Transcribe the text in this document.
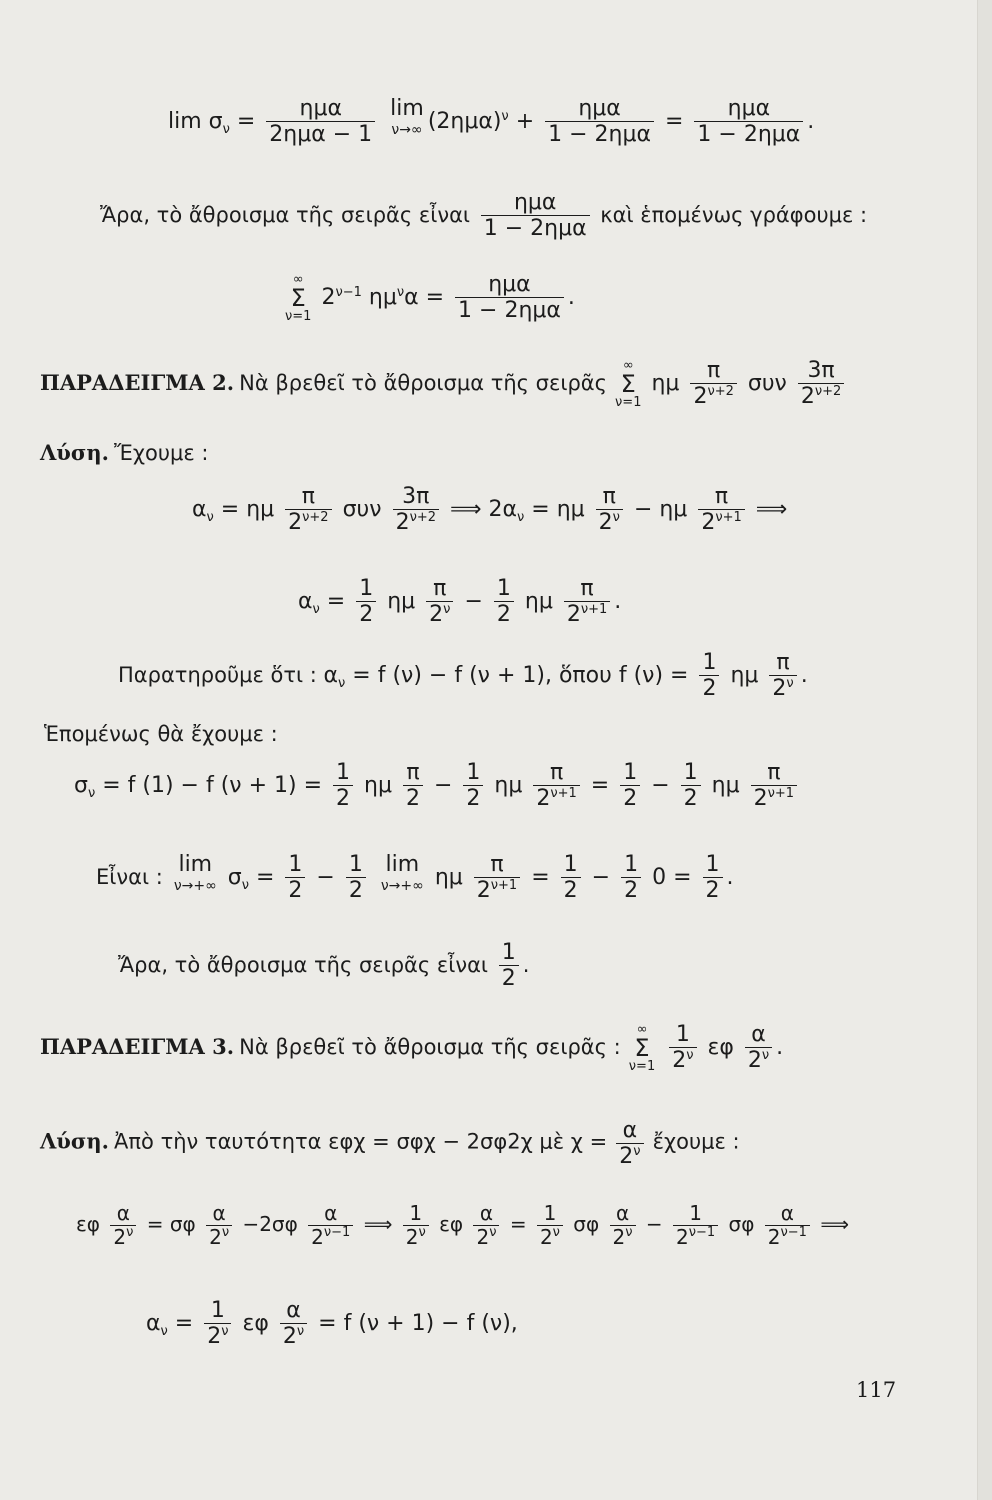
$\lim \sigma_\nu = \frac{\text{ημα}}{\text{2ημα − 1}}$
lim
ν→∞ $(2\eta\mu\alpha)^\nu + \frac{\text{ημα}}{\text{1 − 2ημα}} = \frac{\text{ημα}}{\text{1 − 2ημα}}$ .
Ἄρα, τὸ ἄθροισμα τῆς σειρᾶς εἶναι $\frac{\text{ημα}}{\text{1 − 2ημα}}$ καὶ ἑπομένως γράφουμε :
∞
Σ
ν=1
$2^{\nu-1}$ $\eta\mu^\nu\alpha = \frac{\text{ημα}}{\text{1 − 2ημα}}$ .
ΠΑΡΑΔΕΙΓΜΑ 2. Νὰ βρεθεῖ τὸ ἄθροισμα τῆς σειρᾶς
∞
Σ
ν=1
ημ $\frac{\pi}{2^{\nu+2}}$ συν $\frac{3\pi}{2^{\nu+2}}$
Λύση. Ἔχουμε :
$\alpha_\nu = \eta\mu \frac{\pi}{2^{\nu+2}}$ συν $\frac{3\pi}{2^{\nu+2}}$ ⟹ $2\alpha_\nu = \eta\mu \frac{\pi}{2^\nu} - \eta\mu \frac{\pi}{2^{\nu+1}}$ ⟹
$\alpha_\nu = \frac{1}{2}$ ημ $\frac{\pi}{2^\nu} - \frac{1}{2}$ ημ $\frac{\pi}{2^{\nu+1}}$ .
Παρατηροῦμε ὅτι : $\alpha_\nu = f$ (ν) − f (ν + 1), ὅπου f $(\nu) = \frac{1}{2}$ ημ $\frac{\pi}{2^\nu}$ .
Ἑπομένως θὰ ἔχουμε :
$\sigma_\nu = f$ (1) − f $(\nu + 1) = \frac{1}{2}$ ημ $\frac{\pi}{2} - \frac{1}{2}$ ημ $\frac{\pi}{2^{\nu+1}} = \frac{1}{2} - \frac{1}{2}$ ημ $\frac{\pi}{2^{\nu+1}}$
Εἶναι : lim
ν→+∞ $\sigma_\nu = \frac{1}{2} - \frac{1}{2}$
lim
ν→+∞ ημ $\frac{\pi}{2^{\nu+1}} = \frac{1}{2} - \frac{1}{2} 0 = \frac{1}{2}$ .
Ἄρα, τὸ ἄθροισμα τῆς σειρᾶς εἶναι $\frac{1}{2}$ .
ΠΑΡΑΔΕΙΓΜΑ 3. Νὰ βρεθεῖ τὸ ἄθροισμα τῆς σειρᾶς :
∞
Σ
ν=1
$\frac{1}{2^\nu}$ εφ $\frac{\alpha}{2^\nu}$ .
Λύση. Ἀπὸ τὴν ταυτότητα εφχ = σφχ − 2σφ2χ μὲ $\chi = \frac{\alpha}{2^\nu}$ ἔχουμε :
εφ $\frac{\alpha}{2^\nu} = \sigma\varphi \frac{\alpha}{2^\nu} -2\sigma\varphi \frac{\alpha}{2^{\nu-1}}$ ⟹ $\frac{1}{2^\nu}$ εφ $\frac{\alpha}{2^\nu} = \frac{1}{2^\nu}$ σφ $\frac{\alpha}{2^\nu} - \frac{1}{2^{\nu-1}}$ σφ $\frac{\alpha}{2^{\nu-1}}$ ⟹
$\alpha_\nu = \frac{1}{2^\nu}$ εφ $\frac{\alpha}{2^\nu} = f$ (ν + 1) − f (ν),
117
